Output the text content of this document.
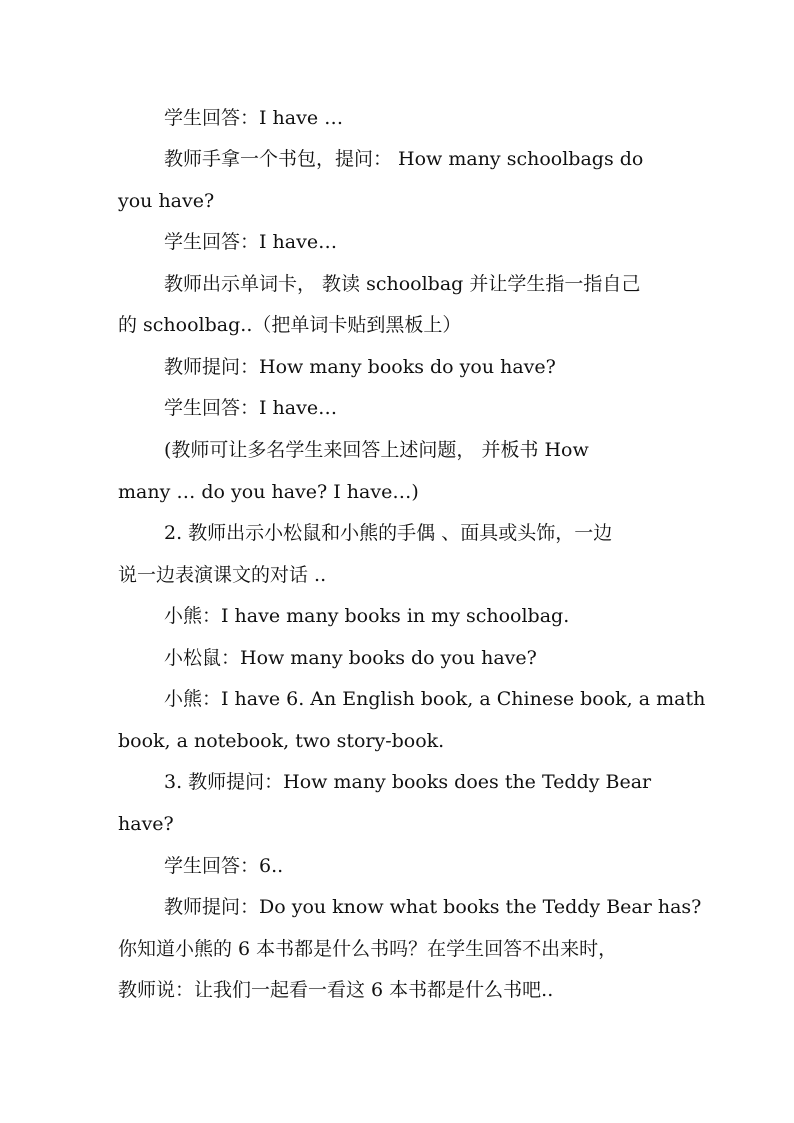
学生回答：I have …

教师手拿一个书包，提问： How many schoolbags do

you have?

学生回答：I have…

教师出示单词卡， 教读 schoolbag 并让学生指一指自己

的 schoolbag..（把单词卡贴到黑板上）

教师提问：How many books do you have?

学生回答：I have…

(教师可让多名学生来回答上述问题， 并板书 How

many … do you have? I have…)

2. 教师出示小松鼠和小熊的手偶 、面具或头饰，一边

说一边表演课文的对话 ..

小熊：I have many books in my schoolbag.

小松鼠：How many books do you have?

小熊：I have 6. An English book, a Chinese book, a math

book, a notebook, two story-book.

3. 教师提问：How many books does the Teddy Bear

have?

学生回答：6..

教师提问：Do you know what books the Teddy Bear has?

你知道小熊的 6 本书都是什么书吗？在学生回答不出来时，

教师说：让我们一起看一看这 6 本书都是什么书吧..
